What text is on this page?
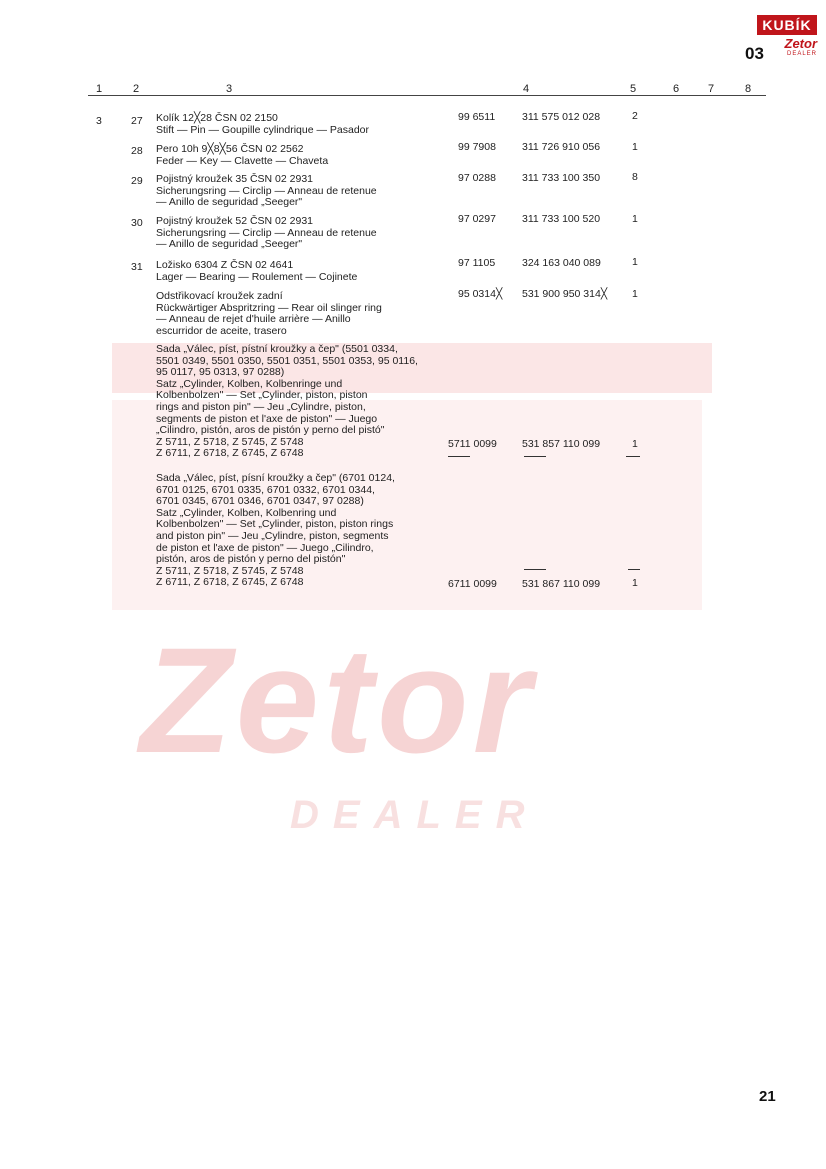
Zetor
DEALER
KUBÍK
Zetor
DEALER
03
1	2	3	4	5	6	7	8
3	27 Kolík 12╳28 ČSN 02 2150
Stift — Pin — Goupille cylindrique — Pasador
99 6511	311 575 012 028	2
28 Pero 10h 9╳8╳56 ČSN 02 2562
Feder — Key — Clavette — Chaveta
99 7908 311 726 910 056	1
29 Pojistný kroužek 35 ČSN 02 2931
Sicherungsring — Circlip — Anneau de retenue
— Anillo de seguridad „Seeger"
97 0288 311 733 100 350	8
30 Pojistný kroužek 52 ČSN 02 2931
Sicherungsring — Circlip — Anneau de retenue
— Anillo de seguridad „Seeger"
97 0297 311 733 100 520	1
31 Ložisko 6304 Z ČSN 02 4641
Lager — Bearing — Roulement — Cojinete
97 1105	324 163 040 089	1
Odstřikovací kroužek zadní
Rückwärtiger Abspritzring — Rear oil slinger ring
— Anneau de rejet d'huile arrière — Anillo
escurridor de aceite, trasero
95 0314╳ 531 900 950 314╳ 1
Sada „Válec, píst, pístní kroužky a čep" (5501 0334,
5501 0349, 5501 0350, 5501 0351, 5501 0353, 95 0116,
95 0117, 95 0313, 97 0288)
Satz „Cylinder, Kolben, Kolbenringe und
Kolbenbolzen" — Set „Cylinder, piston, piston
rings and piston pin" — Jeu „Cylindre, piston,
segments de piston et l'axe de piston" — Juego
„Cilindro, pistón, aros de pistón y perno del pistó"
Z 5711, Z 5718, Z 5745, Z 5748
Z 6711, Z 6718, Z 6745, Z 6748
5711 0099 531 857 110 099	1
Sada „Válec, píst, písní kroužky a čep" (6701 0124,
6701 0125, 6701 0335, 6701 0332, 6701 0344,
6701 0345, 6701 0346, 6701 0347, 97 0288)
Satz „Cylinder, Kolben, Kolbenring und
Kolbenbolzen" — Set „Cylinder, piston, piston rings
and piston pin" — Jeu „Cylindre, piston, segments
de piston et l'axe de piston" — Juego „Cilindro,
pistón, aros de pistón y perno del pistón"
Z 5711, Z 5718, Z 5745, Z 5748
Z 6711, Z 6718, Z 6745, Z 6748	6711 0099 531 867 110 099	1
21
